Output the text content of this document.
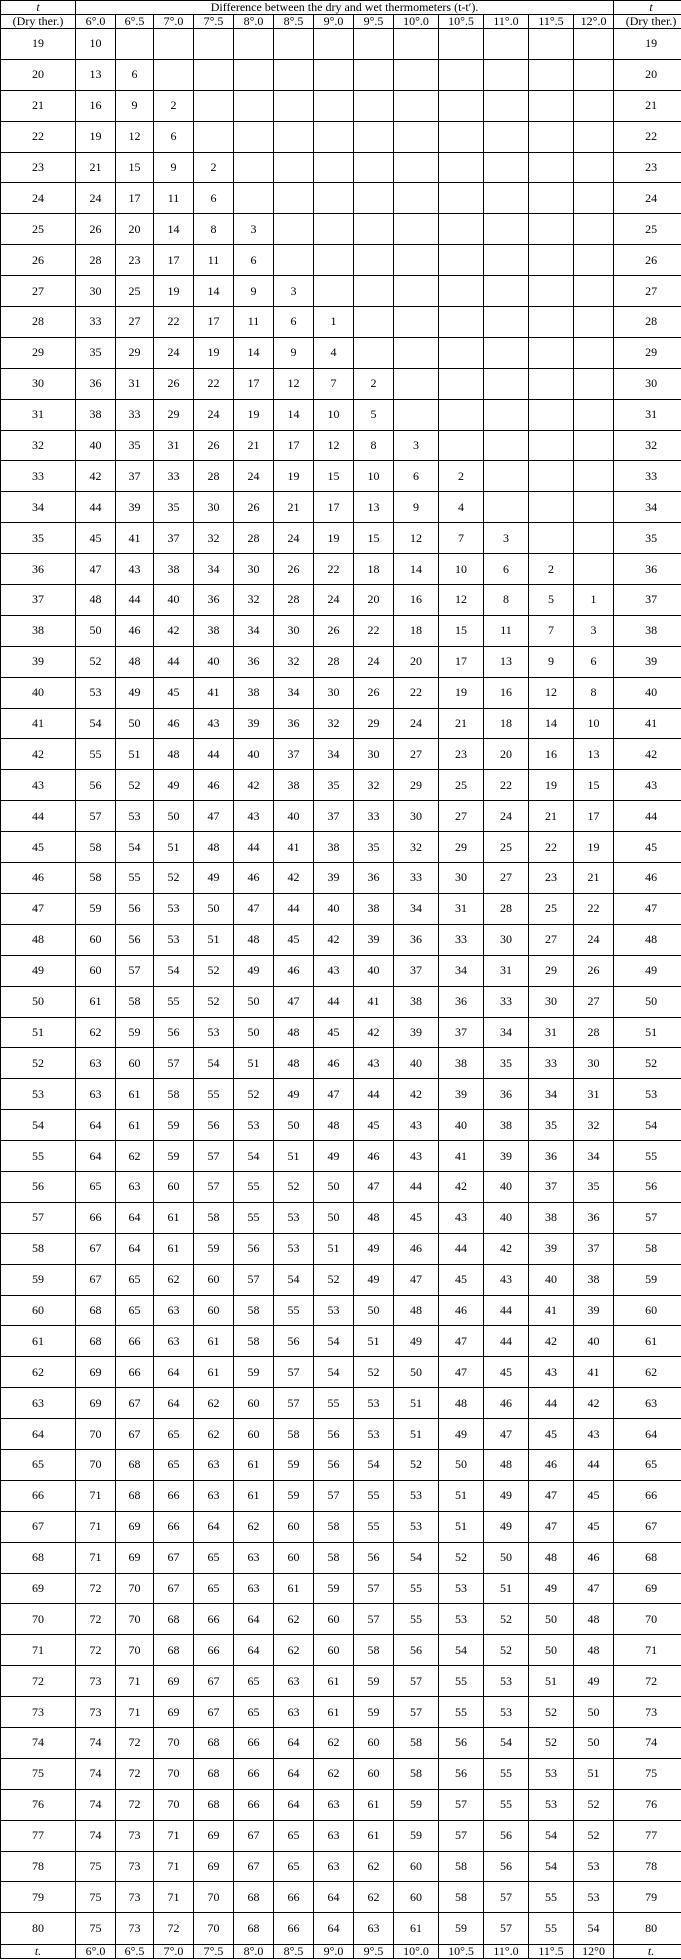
t	Difference between the dry and wet thermometers (t-t′).													t
(Dry ther.)	6°.0	6°.5	7°.0	7°.5	8°.0	8°.5	9°.0	9°.5	10°.0	10°.5	11°.0	11°.5	12°.0	(Dry ther.)
19	10													19
20	13	6												20
21	16	9	2											21
22	19	12	6											22
23	21	15	9	2										23
24	24	17	11	6										24
25	26	20	14	8	3									25
26	28	23	17	11	6									26
27	30	25	19	14	9	3								27
28	33	27	22	17	11	6	1							28
29	35	29	24	19	14	9	4							29
30	36	31	26	22	17	12	7	2						30
31	38	33	29	24	19	14	10	5						31
32	40	35	31	26	21	17	12	8	3					32
33	42	37	33	28	24	19	15	10	6	2				33
34	44	39	35	30	26	21	17	13	9	4				34
35	45	41	37	32	28	24	19	15	12	7	3			35
36	47	43	38	34	30	26	22	18	14	10	6	2		36
37	48	44	40	36	32	28	24	20	16	12	8	5	1	37
38	50	46	42	38	34	30	26	22	18	15	11	7	3	38
39	52	48	44	40	36	32	28	24	20	17	13	9	6	39
40	53	49	45	41	38	34	30	26	22	19	16	12	8	40
41	54	50	46	43	39	36	32	29	24	21	18	14	10	41
42	55	51	48	44	40	37	34	30	27	23	20	16	13	42
43	56	52	49	46	42	38	35	32	29	25	22	19	15	43
44	57	53	50	47	43	40	37	33	30	27	24	21	17	44
45	58	54	51	48	44	41	38	35	32	29	25	22	19	45
46	58	55	52	49	46	42	39	36	33	30	27	23	21	46
47	59	56	53	50	47	44	40	38	34	31	28	25	22	47
48	60	56	53	51	48	45	42	39	36	33	30	27	24	48
49	60	57	54	52	49	46	43	40	37	34	31	29	26	49
50	61	58	55	52	50	47	44	41	38	36	33	30	27	50
51	62	59	56	53	50	48	45	42	39	37	34	31	28	51
52	63	60	57	54	51	48	46	43	40	38	35	33	30	52
53	63	61	58	55	52	49	47	44	42	39	36	34	31	53
54	64	61	59	56	53	50	48	45	43	40	38	35	32	54
55	64	62	59	57	54	51	49	46	43	41	39	36	34	55
56	65	63	60	57	55	52	50	47	44	42	40	37	35	56
57	66	64	61	58	55	53	50	48	45	43	40	38	36	57
58	67	64	61	59	56	53	51	49	46	44	42	39	37	58
59	67	65	62	60	57	54	52	49	47	45	43	40	38	59
60	68	65	63	60	58	55	53	50	48	46	44	41	39	60
61	68	66	63	61	58	56	54	51	49	47	44	42	40	61
62	69	66	64	61	59	57	54	52	50	47	45	43	41	62
63	69	67	64	62	60	57	55	53	51	48	46	44	42	63
64	70	67	65	62	60	58	56	53	51	49	47	45	43	64
65	70	68	65	63	61	59	56	54	52	50	48	46	44	65
66	71	68	66	63	61	59	57	55	53	51	49	47	45	66
67	71	69	66	64	62	60	58	55	53	51	49	47	45	67
68	71	69	67	65	63	60	58	56	54	52	50	48	46	68
69	72	70	67	65	63	61	59	57	55	53	51	49	47	69
70	72	70	68	66	64	62	60	57	55	53	52	50	48	70
71	72	70	68	66	64	62	60	58	56	54	52	50	48	71
72	73	71	69	67	65	63	61	59	57	55	53	51	49	72
73	73	71	69	67	65	63	61	59	57	55	53	52	50	73
74	74	72	70	68	66	64	62	60	58	56	54	52	50	74
75	74	72	70	68	66	64	62	60	58	56	55	53	51	75
76	74	72	70	68	66	64	63	61	59	57	55	53	52	76
77	74	73	71	69	67	65	63	61	59	57	56	54	52	77
78	75	73	71	69	67	65	63	62	60	58	56	54	53	78
79	75	73	71	70	68	66	64	62	60	58	57	55	53	79
80	75	73	72	70	68	66	64	63	61	59	57	55	54	80
t.	6°.0	6°.5	7°.0	7°.5	8°.0	8°.5	9°.0	9°.5	10°.0	10°.5	11°.0	11°.5	12°0	t.
